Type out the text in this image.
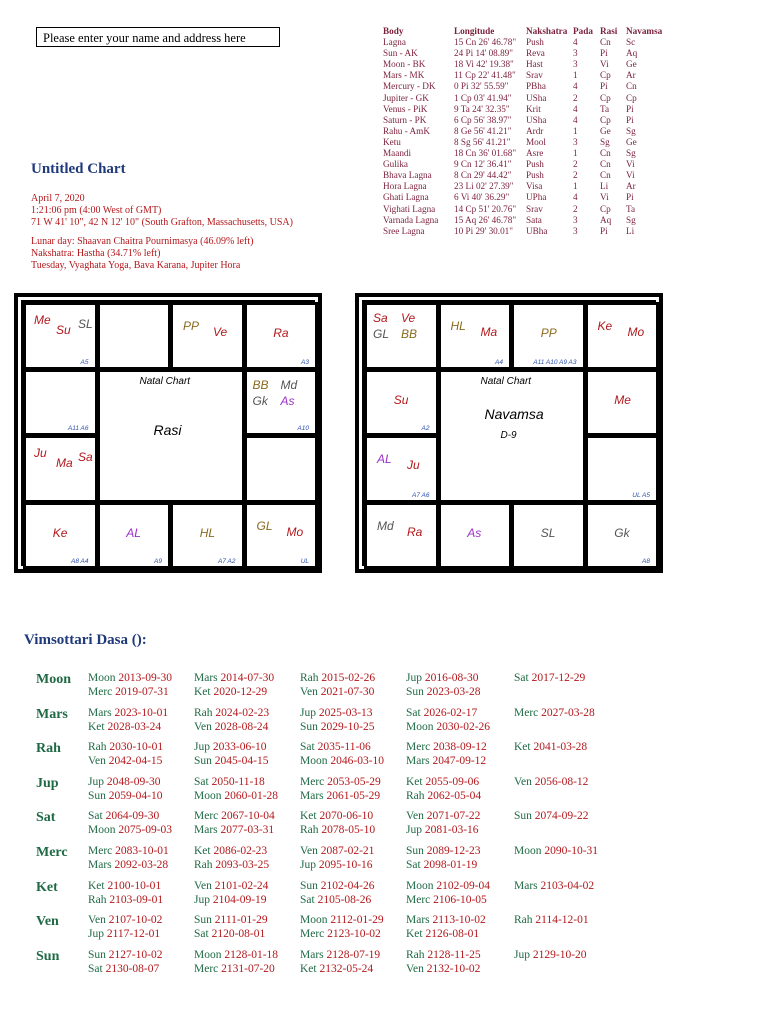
Please enter your name and address here
Untitled Chart
April 7, 2020
1:21:06 pm (4:00 West of GMT)
71 W 41' 10", 42 N 12' 10" (South Grafton, Massachusetts, USA)
Lunar day: Shaavan Chaitra Pournimasya (46.09% left)
Nakshatra: Hastha (34.71% left)
Tuesday, Vyaghata Yoga, Bava Karana, Jupiter Hora
Body	Longitude	Nakshatra Pada Rasi Navamsa
Lagna	15 Cn 26' 46.78" Push	4 Cn Sc
Sun - AK	24 Pi 14' 08.89" Reva	3 Pi Aq
Moon - BK	18 Vi 42' 19.38" Hast	3 Vi Ge
Mars - MK	11 Cp 22' 41.48" Srav	1 Cp Ar
Mercury - DK 0 Pi 32' 55.59" PBha	4 Pi Cn
Jupiter - GK	1 Cp 03' 41.94" USha	2 Cp Cp
Venus - PiK	9 Ta 24' 32.35" Krit	4 Ta Pi
Saturn - PK	6 Cp 56' 38.97" USha	4 Cp Pi
Rahu - AmK	8 Ge 56' 41.21" Ardr	1 Ge Sg
Ketu	8 Sg 56' 41.21" Mool	3 Sg Ge
Maandi	18 Cn 36' 01.68" Asre	1 Cn Sg
Gulika	9 Cn 12' 36.41" Push	2 Cn Vi
Bhava Lagna 8 Cn 29' 44.42" Push	2 Cn Vi
Hora Lagna	23 Li 02' 27.39" Visa	1 Li Ar
Ghati Lagna	6 Vi 40' 36.29" UPha	4 Vi Pi
Vighati Lagna 14 Cp 51' 20.76" Srav	2 Cp Ta
Varnada Lagna 15 Aq 26' 46.78" Sata	3 Aq Sg
Sree Lagna	10 Pi 29' 30.01" UBha	3 Pi Li
Me
Su SL
A5
PP Ve	Ra
A3
A11 A6
BB Md
Gk As
A10
Ju
Ma Sa
Ke
A8 A4
AL
A9
HL
A7 A2
GL Mo
UL
Natal Chart
Rasi
Sa Ve
GL BB
HL Ma
A4
PP
A11 A10 A9 A3
Ke Mo
Su
A2
Me
AL Ju
A7 A6	UL A5
Md Ra	As	SL	Gk
A8
Natal Chart
Navamsa
D-9
Vimsottari Dasa ():
Moon Moon 2013-09-30 Mars 2014-07-30 Rah 2015-02-26	Jup 2016-08-30	Sat 2017-12-29
Merc 2019-07-31 Ket 2020-12-29	Ven 2021-07-30	Sun 2023-03-28
Mars Mars 2023-10-01 Rah 2024-02-23	Jup 2025-03-13	Sat 2026-02-17	Merc 2027-03-28
Ket 2028-03-24	Ven 2028-08-24	Sun 2029-10-25	Moon 2030-02-26
Rah Rah 2030-10-01	Jup 2033-06-10	Sat 2035-11-06	Merc 2038-09-12 Ket 2041-03-28
Ven 2042-04-15	Sun 2045-04-15	Moon 2046-03-10 Mars 2047-09-12
Jup	Jup 2048-09-30	Sat 2050-11-18	Merc 2053-05-29 Ket 2055-09-06	Ven 2056-08-12
Sun 2059-04-10	Moon 2060-01-28 Mars 2061-05-29 Rah 2062-05-04
Sat	Sat 2064-09-30	Merc 2067-10-04 Ket 2070-06-10	Ven 2071-07-22	Sun 2074-09-22
Moon 2075-09-03 Mars 2077-03-31 Rah 2078-05-10	Jup 2081-03-16
Merc Merc 2083-10-01 Ket 2086-02-23	Ven 2087-02-21	Sun 2089-12-23	Moon 2090-10-31
Mars 2092-03-28 Rah 2093-03-25	Jup 2095-10-16	Sat 2098-01-19
Ket	Ket 2100-10-01	Ven 2101-02-24	Sun 2102-04-26	Moon 2102-09-04 Mars 2103-04-02
Rah 2103-09-01	Jup 2104-09-19	Sat 2105-08-26	Merc 2106-10-05
Ven	Ven 2107-10-02	Sun 2111-01-29	Moon 2112-01-29 Mars 2113-10-02 Rah 2114-12-01
Jup 2117-12-01	Sat 2120-08-01	Merc 2123-10-02 Ket 2126-08-01
Sun Sun 2127-10-02	Moon 2128-01-18 Mars 2128-07-19 Rah 2128-11-25	Jup 2129-10-20
Sat 2130-08-07	Merc 2131-07-20 Ket 2132-05-24	Ven 2132-10-02
